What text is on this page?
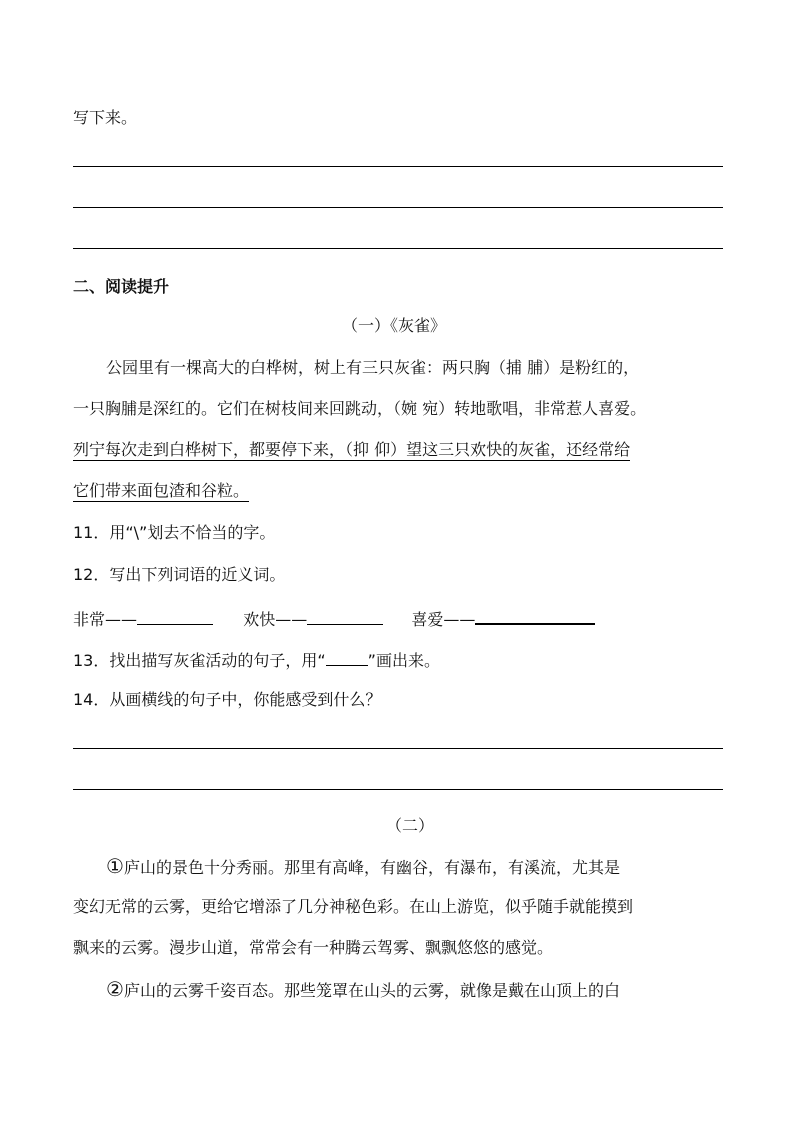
写下来。
二、阅读提升
（一）《灰雀》
公园里有一棵高大的白桦树，树上有三只灰雀：两只胸（捕 脯）是粉红的，
一只胸脯是深红的。它们在树枝间来回跳动，（婉 宛）转地歌唱，非常惹人喜爱。
列宁每次走到白桦树下，都要停下来，（抑 仰）望这三只欢快的灰雀，还经常给
它们带来面包渣和谷粒。
11．用“\”划去不恰当的字。
12．写出下列词语的近义词。
非常——	欢快——	喜爱——
13．找出描写灰雀活动的句子，用“	”画出来。
14．从画横线的句子中，你能感受到什么？
（二）
①庐山的景色十分秀丽。那里有高峰，有幽谷，有瀑布，有溪流，尤其是
变幻无常的云雾，更给它增添了几分神秘色彩。在山上游览，似乎随手就能摸到
飘来的云雾。漫步山道，常常会有一种腾云驾雾、飘飘悠悠的感觉。
②庐山的云雾千姿百态。那些笼罩在山头的云雾，就像是戴在山顶上的白
